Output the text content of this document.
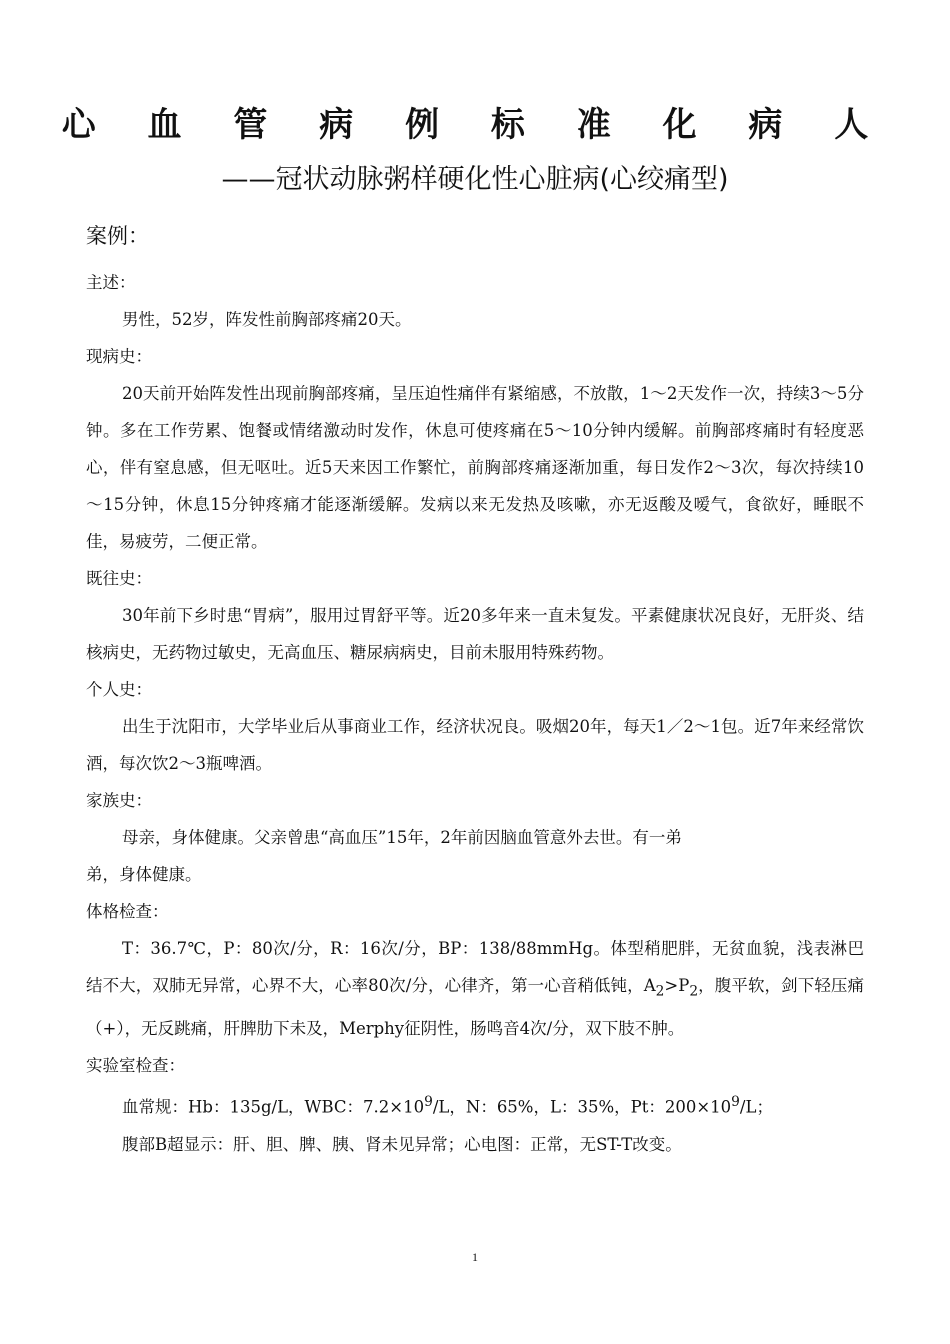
心 血 管 病 例 标 准 化 病 人
——冠状动脉粥样硬化性心脏病(心绞痛型)
案例：

主述：

男性，52岁，阵发性前胸部疼痛20天。

现病史：

20天前开始阵发性出现前胸部疼痛，呈压迫性痛伴有紧缩感，不放散，1～2天发作一次，持续3～5分钟。多在工作劳累、饱餐或情绪激动时发作，休息可使疼痛在5～10分钟内缓解。前胸部疼痛时有轻度恶心，伴有窒息感，但无呕吐。近5天来因工作繁忙，前胸部疼痛逐渐加重，每日发作2～3次，每次持续10～15分钟，休息15分钟疼痛才能逐渐缓解。发病以来无发热及咳嗽，亦无返酸及嗳气，食欲好，睡眠不佳，易疲劳，二便正常。

既往史：

30年前下乡时患“胃病”，服用过胃舒平等。近20多年来一直未复发。平素健康状况良好，无肝炎、结核病史，无药物过敏史，无高血压、糖尿病病史，目前未服用特殊药物。

个人史：

出生于沈阳市，大学毕业后从事商业工作，经济状况良。吸烟20年，每天1／2～1包。近7年来经常饮酒，每次饮2～3瓶啤酒。

家族史：

母亲，身体健康。父亲曾患“高血压”15年，2年前因脑血管意外去世。有一弟

弟，身体健康。

体格检查：

T：36.7℃，P：80次/分，R：16次/分，BP：138/88mmHg。体型稍肥胖，无贫血貌，浅表淋巴结不大，双肺无异常，心界不大，心率80次/分，心律齐，第一心音稍低钝，$A_2>P_2$，腹平软，剑下轻压痛（+），无反跳痛，肝脾肋下未及，Merphy征阴性，肠鸣音4次/分，双下肢不肿。

实验室检查：

血常规：Hb：135g/L，WBC：$7.2\times 10^9/L$，N：65%，L：35%，Pt：$200\times 10^9/L$；

腹部B超显示：肝、胆、脾、胰、肾未见异常；心电图：正常，无ST-T改变。

1
